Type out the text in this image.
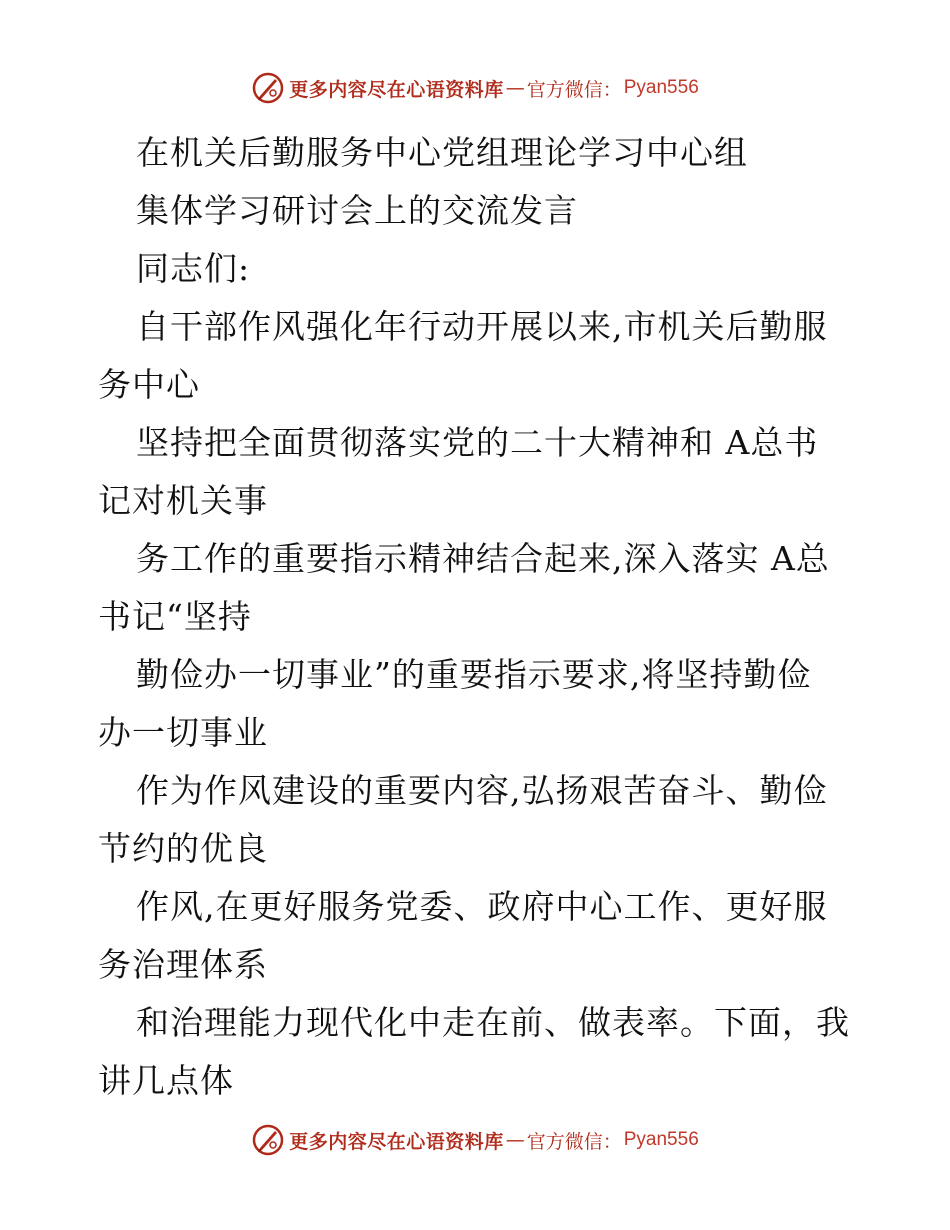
更多内容尽在心语资料库 — 官方微信： Pyan556
在机关后勤服务中心党组理论学习中心组
集体学习研讨会上的交流发言
同志们:
自干部作风强化年行动开展以来,市机关后勤服
务中心
坚持把全面贯彻落实党的二十大精神和 A总书
记对机关事
务工作的重要指示精神结合起来,深入落实 A总
书记“坚持
勤俭办一切事业”的重要指示要求,将坚持勤俭
办一切事业
作为作风建设的重要内容,弘扬艰苦奋斗、勤俭
节约的优良
作风,在更好服务党委、政府中心工作、更好服
务治理体系
和治理能力现代化中走在前、做表率。下面，我
讲几点体
更多内容尽在心语资料库 — 官方微信： Pyan556
